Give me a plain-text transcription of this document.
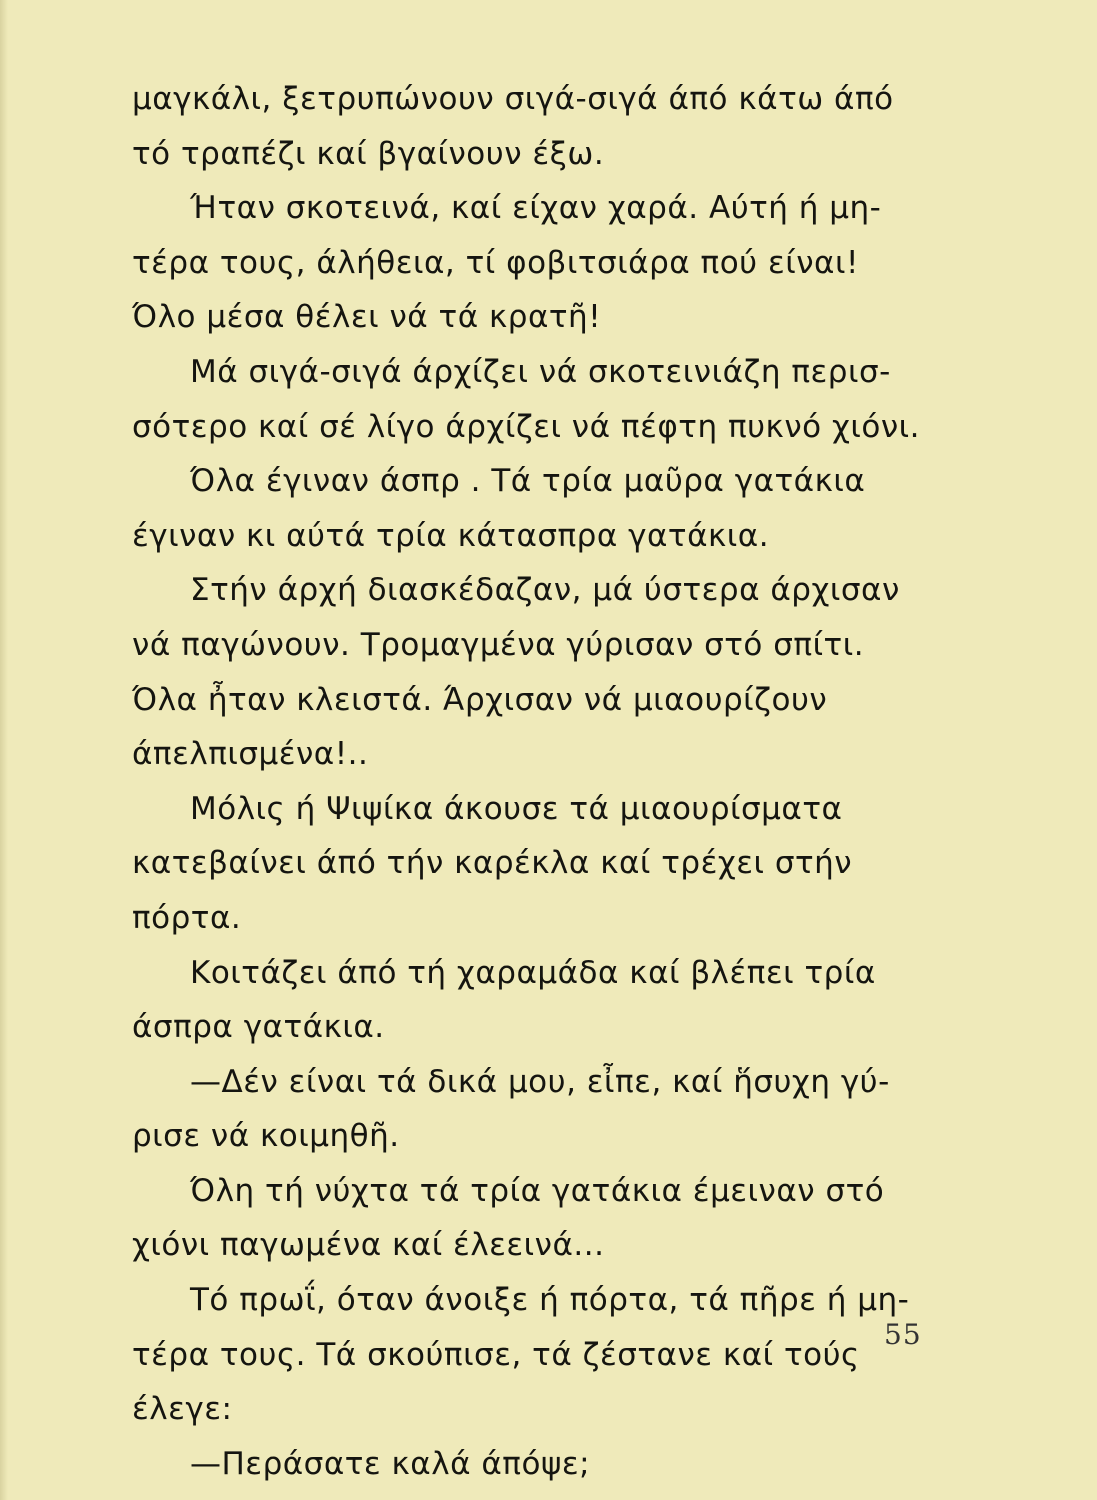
μαγκάλι, ξετρυπώνουν σιγά-σιγά άπό κάτω άπό
τό τραπέζι καί βγαίνουν έξω.
Ήταν σκοτεινά, καί είχαν χαρά. Αύτή ή μη-
τέρα τους, άλήθεια, τί φοβιτσιάρα πού είναι!
Όλο μέσα θέλει νά τά κρατῆ!
Μά σιγά-σιγά άρχίζει νά σκοτεινιάζη περισ-
σότερο καί σέ λίγο άρχίζει νά πέφτη πυκνό χιόνι.
Όλα έγιναν άσπρ . Τά τρία μαῦρα γατάκια
έγιναν κι αύτά τρία κάτασπρα γατάκια.
Στήν άρχή διασκέδαζαν, μά ύστερα άρχισαν
νά παγώνουν. Τρομαγμένα γύρισαν στό σπίτι.
Όλα ἦταν κλειστά. Άρχισαν νά μιαουρίζουν
άπελπισμένα!..
Μόλις ή Ψιψίκα άκουσε τά μιαουρίσματα
κατεβαίνει άπό τήν καρέκλα καί τρέχει στήν
πόρτα.
Κοιτάζει άπό τή χαραμάδα καί βλέπει τρία
άσπρα γατάκια.
—Δέν είναι τά δικά μου, εἶπε, καί ἥσυχη γύ-
ρισε νά κοιμηθῆ.
Όλη τή νύχτα τά τρία γατάκια έμειναν στό
χιόνι παγωμένα καί έλεεινά...
Τό πρωΐ, όταν άνοιξε ή πόρτα, τά πῆρε ή μη-
τέρα τους. Τά σκούπισε, τά ζέστανε καί τούς
έλεγε:
—Περάσατε καλά άπόψε;
55
